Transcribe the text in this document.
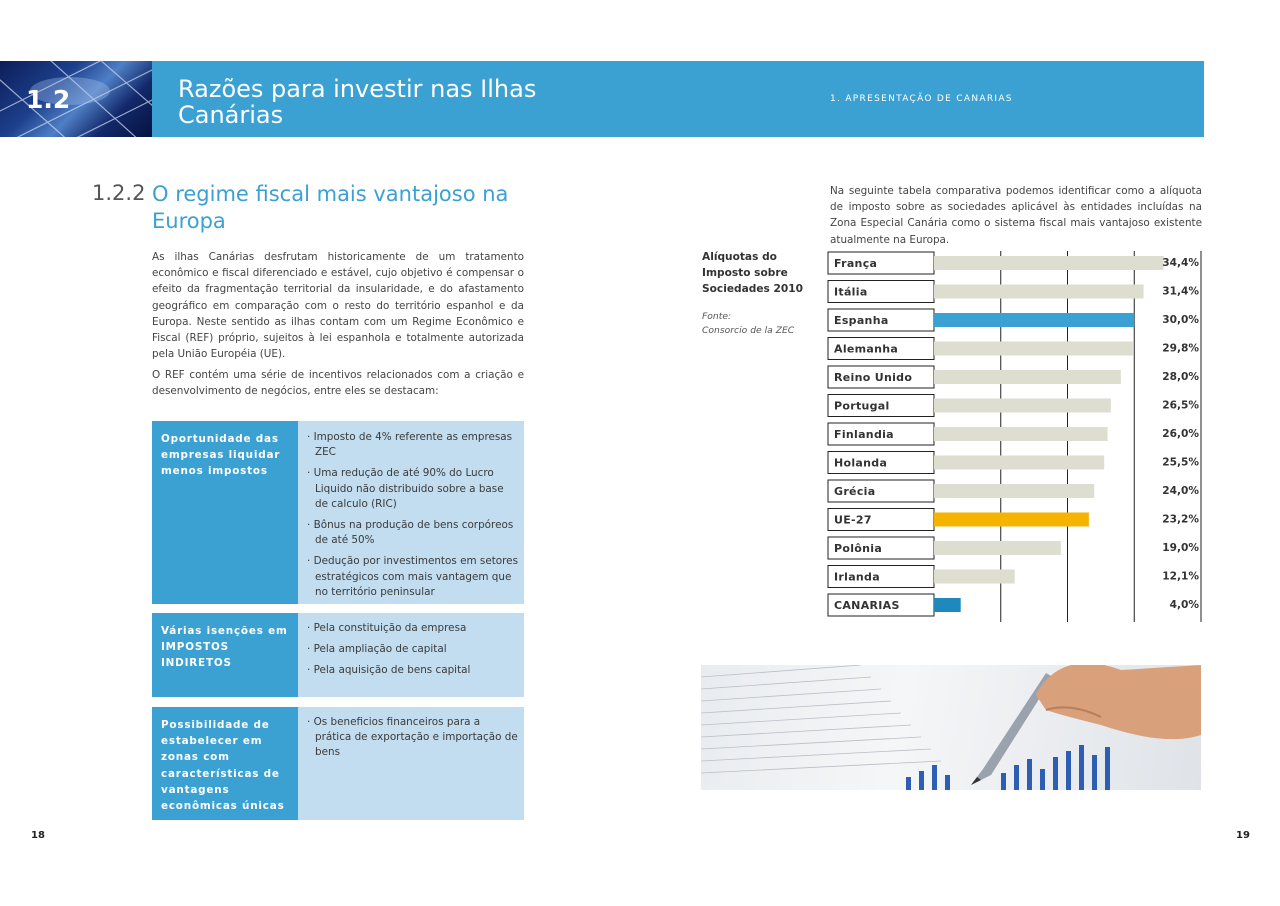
1.2	Razões para investir nas Ilhas Canárias
1. APRESENTAÇÃO DE CANARIAS
1.2.2 O regime fiscal mais vantajoso na Europa

As ilhas Canárias desfrutam historicamente de um tratamento econômico e fiscal diferenciado e estável, cujo objetivo é compensar o efeito da fragmentação territorial da insularidade, e do afastamento geográfico em comparação com o resto do território espanhol e da Europa. Neste sentido as ilhas contam com um Regime Econômico e Fiscal (REF) próprio, sujeitos à lei espanhola e totalmente autorizada pela União Européia (UE).

O REF contém uma série de incentivos relacionados com a criação e desenvolvimento de negócios, entre eles se destacam:

Oportunidade das empresas liquidar menos impostos
· Imposto de 4% referente as empresas ZEC
· Uma redução de até 90% do Lucro Liquido não distribuido sobre a base de calculo (RIC)
· Bônus na produção de bens corpóreos de até 50%
· Dedução por investimentos em setores estratégicos com mais vantagem que no território peninsular
Várias isenções em IMPOSTOS INDIRETOS
· Pela constituição da empresa
· Pela ampliação de capital
· Pela aquisição de bens capital
Possibilidade de estabelecer em zonas com características de vantagens econômicas únicas
· Os beneficios financeiros para a prática de exportação e importação de bens

Na seguinte tabela comparativa podemos identificar como a alíquota de imposto sobre as sociedades aplicável às entidades incluídas na Zona Especial Canária como o sistema fiscal mais vantajoso existente atualmente na Europa.

Alíquotas do Imposto sobre Sociedades 2010
Fonte:
Consorcio de la ZEC
França	34,4%
Itália	31,4%
Espanha	30,0%
Alemanha	29,8%
Reino Unido	28,0%
Portugal	26,5%
Finlandia	26,0%
Holanda	25,5%
Grécia	24,0%
UE-27	23,2%
Polônia	19,0%
Irlanda	12,1%
CANARIAS	4,0%
18	19
